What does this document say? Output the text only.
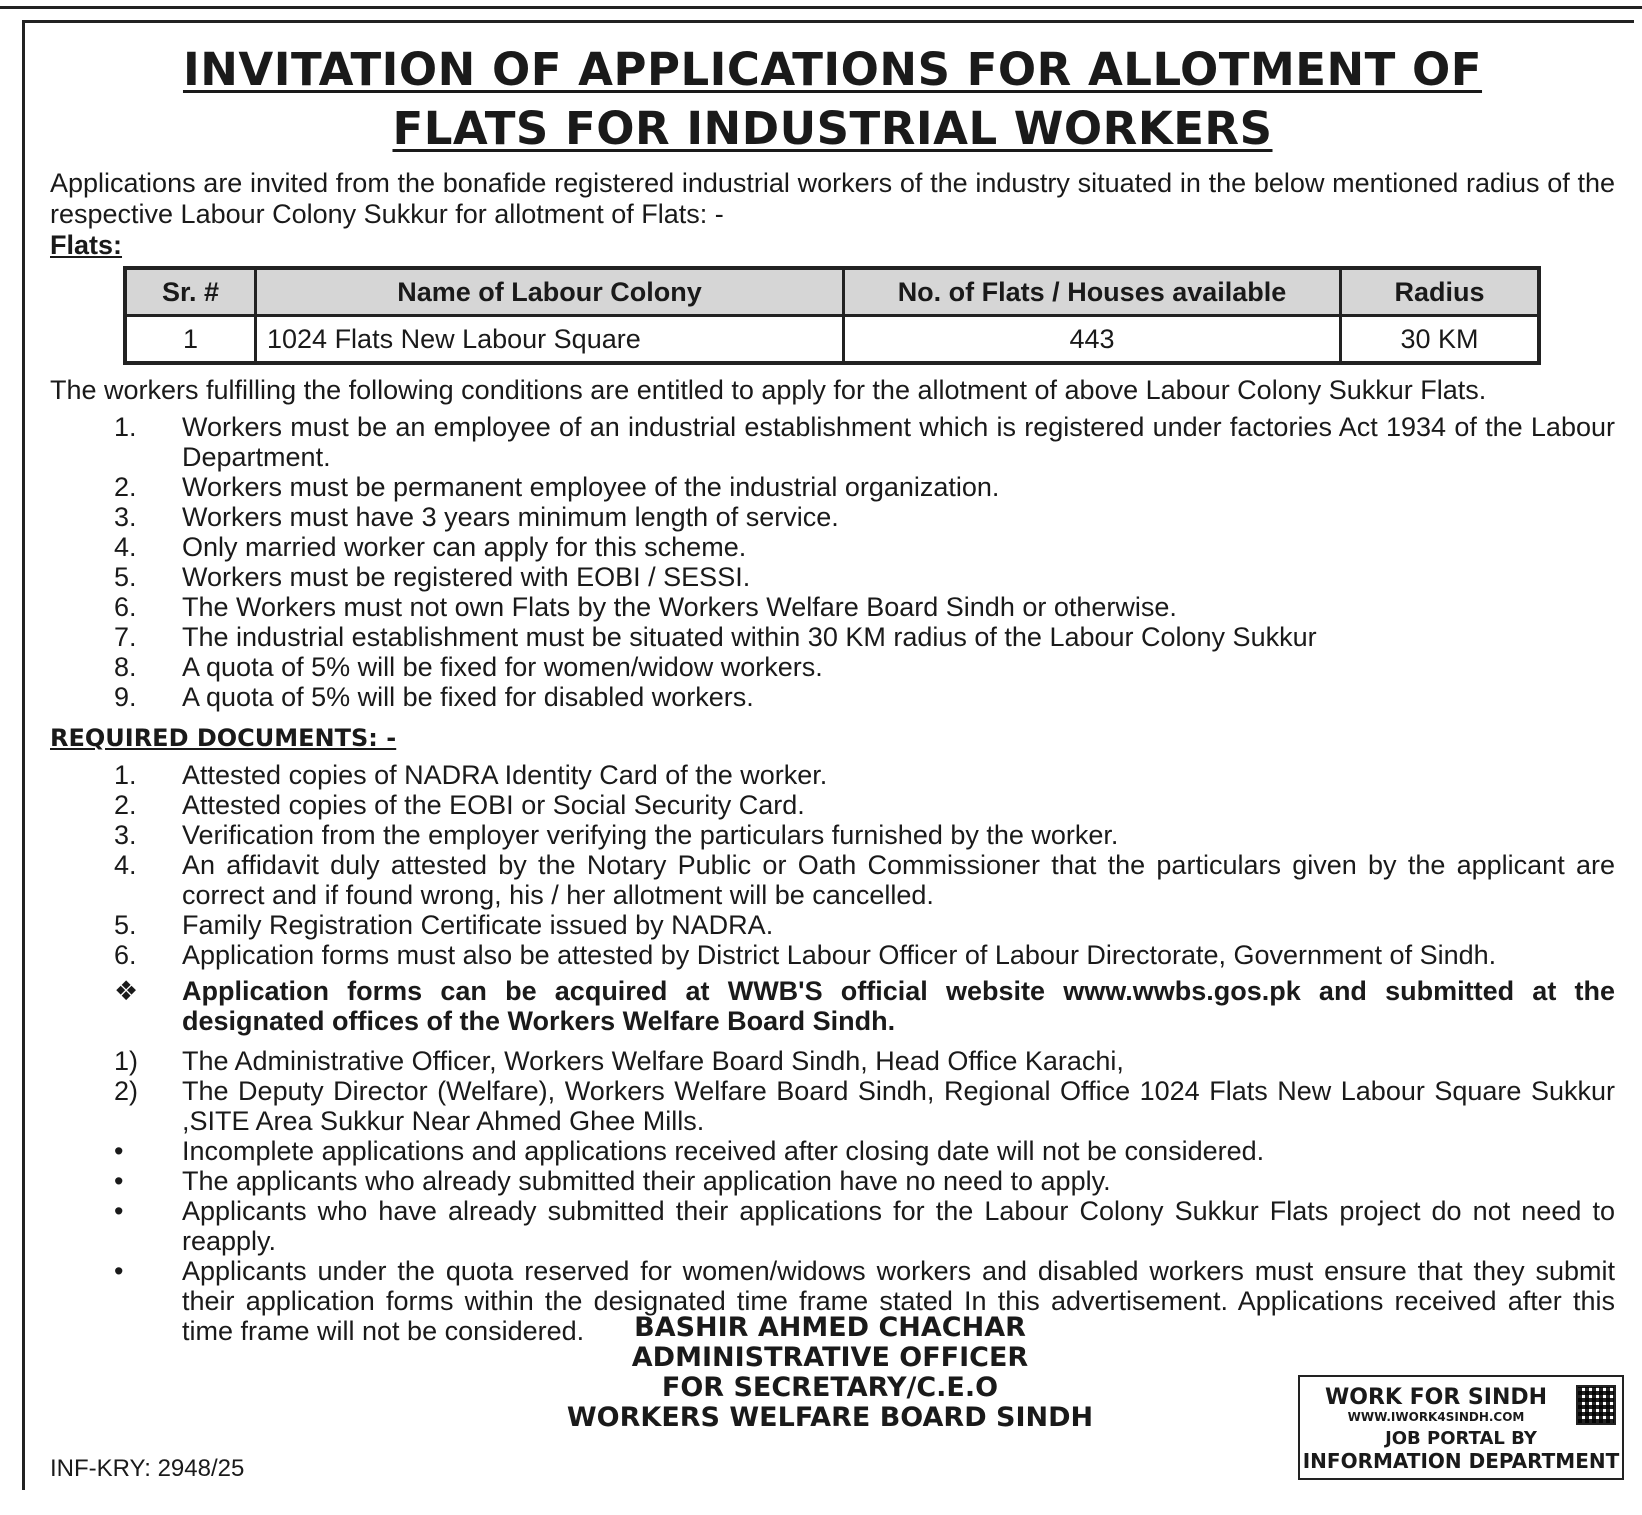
INVITATION OF APPLICATIONS FOR ALLOTMENT OF
FLATS FOR INDUSTRIAL WORKERS
Applications are invited from the bonafide registered industrial workers of the industry situated in the below mentioned radius of the respective Labour Colony Sukkur for allotment of Flats: -
Flats:
Sr. #	Name of Labour Colony	No. of Flats / Houses available	Radius
1	1024 Flats New Labour Square	443	30 KM
The workers fulfilling the following conditions are entitled to apply for the allotment of above Labour Colony Sukkur Flats.
1. Workers must be an employee of an industrial establishment which is registered under factories Act 1934 of the Labour Department.
2. Workers must be permanent employee of the industrial organization.
3. Workers must have 3 years minimum length of service.
4. Only married worker can apply for this scheme.
5. Workers must be registered with EOBI / SESSI.
6. The Workers must not own Flats by the Workers Welfare Board Sindh or otherwise.
7. The industrial establishment must be situated within 30 KM radius of the Labour Colony Sukkur
8. A quota of 5% will be fixed for women/widow workers.
9. A quota of 5% will be fixed for disabled workers.
REQUIRED DOCUMENTS: -
1. Attested copies of NADRA Identity Card of the worker.
2. Attested copies of the EOBI or Social Security Card.
3. Verification from the employer verifying the particulars furnished by the worker.
4. An affidavit duly attested by the Notary Public or Oath Commissioner that the particulars given by the applicant are correct and if found wrong, his / her allotment will be cancelled.
5. Family Registration Certificate issued by NADRA.
6. Application forms must also be attested by District Labour Officer of Labour Directorate, Government of Sindh.
❖ Application forms can be acquired at WWB'S official website www.wwbs.gos.pk and submitted at the designated offices of the Workers Welfare Board Sindh.
1) The Administrative Officer, Workers Welfare Board Sindh, Head Office Karachi,
2) The Deputy Director (Welfare), Workers Welfare Board Sindh, Regional Office 1024 Flats New Labour Square Sukkur ,SITE Area Sukkur Near Ahmed Ghee Mills.
• Incomplete applications and applications received after closing date will not be considered.
• The applicants who already submitted their application have no need to apply.
• Applicants who have already submitted their applications for the Labour Colony Sukkur Flats project do not need to reapply.
• Applicants under the quota reserved for women/widows workers and disabled workers must ensure that they submit their application forms within the designated time frame stated In this advertisement. Applications received after this time frame will not be considered.	BASHIR AHMED CHACHAR
ADMINISTRATIVE OFFICER
FOR SECRETARY/C.E.O
WORKERS WELFARE BOARD SINDH
INF-KRY: 2948/25
WORK FOR SINDH
WWW.IWORK4SINDH.COM
JOB PORTAL BY
INFORMATION DEPARTMENT
